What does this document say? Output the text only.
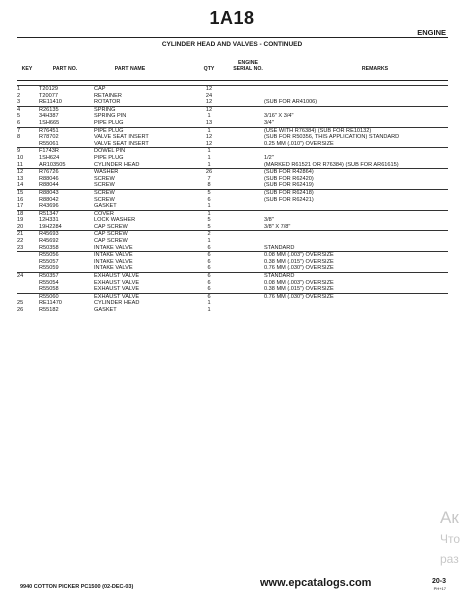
1A18
ENGINE
CYLINDER HEAD AND VALVES - CONTINUED
KEY	PART NO.	PART NAME	QTY
ENGINE
SERIAL NO.	REMARKS
1	T20129	CAP	12		
2	T20077	RETAINER	24		
3	RE11410	ROTATOR	12		(SUB FOR AR41006)
4	R26135	SPRING	12		
5	34H387	SPRING PIN	1		3/16" X 3/4"
6	1SH665	PIPE PLUG	13		3/4"
7	R76451	PIPE PLUG	1		(USE WITH R76384) (SUB FOR RE10132)
8	R78702	VALVE SEAT INSERT	12		(SUB FOR R50356, THIS APPLICATION) STANDARD
	R55061	VALVE SEAT INSERT	12		0.25 MM (.010") OVERSIZE
9	F1743R	DOWEL PIN	1		
10	1SH624	PIPE PLUG	1		1/2"
11	AR103505	CYLINDER HEAD	1		(MARKED R61521 OR R76384) (SUB FOR AR61615)
12	R76726	WASHER	26		(SUB FOR R42864)
13	R88046	SCREW	7		(SUB FOR R62420)
14	R88044	SCREW	8		(SUB FOR R62419)
15	R88043	SCREW	5		(SUB FOR R62418)
16	R88042	SCREW	6		(SUB FOR R62421)
17	R43696	GASKET	1		
18	R51347	COVER	1		
19	12H331	LOCK WASHER	5		3/8"
20	19H2284	CAP SCREW	5		3/8" X 7/8"
21	R45693	CAP SCREW	2		
22	R45692	CAP SCREW	1		
23	R50358	INTAKE VALVE	6		STANDARD
	R55056	INTAKE VALVE	6		0.08 MM (.003") OVERSIZE
	R55057	INTAKE VALVE	6		0.38 MM (.015") OVERSIZE
	R55059	INTAKE VALVE	6		0.76 MM (.030") OVERSIZE
24	R50357	EXHAUST VALVE	6		STANDARD
	R55054	EXHAUST VALVE	6		0.08 MM (.003") OVERSIZE
	R55058	EXHAUST VALVE	6		0.38 MM (.015") OVERSIZE
	R55060	EXHAUST VALVE	6		0.76 MM (.030") OVERSIZE
25	RE11470	CYLINDER HEAD	1		
26	R55182	GASKET	1		
9940 COTTON PICKER PC1500 (02-DEC-03)	www.epcatalogs.com	20-3
PH+17
Ак
Что
раз
